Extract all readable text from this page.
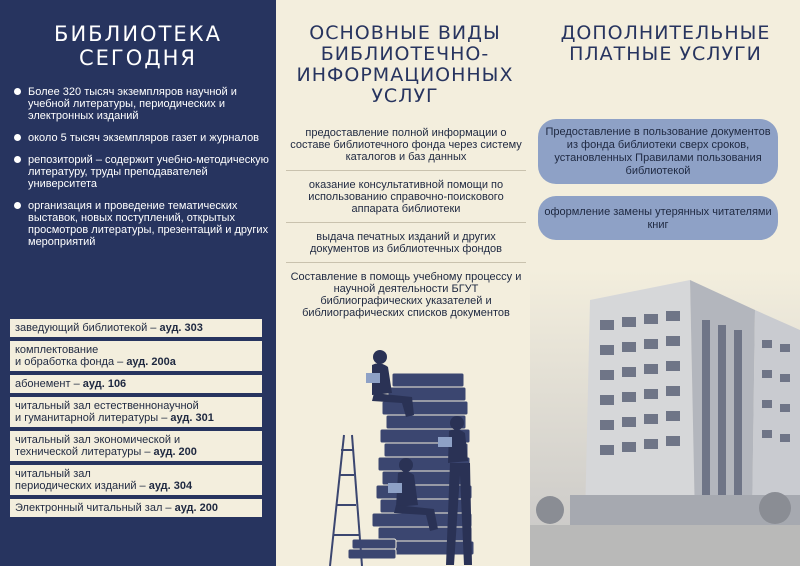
БИБЛИОТЕКА
СЕГОДНЯ
Более 320 тысяч экземпляров научной и учебной литературы, периодических и электронных изданий
около 5 тысяч экземпляров газет и журналов
репозиторий – содержит учебно-методическую литературу, труды преподавателей университета
организация и проведение тематических выставок, новых поступлений, открытых просмотров литературы, презентаций и других мероприятий
заведующий библиотекой – ауд. 303
комплектование
и обработка фонда – ауд. 200а
абонемент – ауд. 106
читальный зал естественнонаучной
и гуманитарной литературы – ауд. 301
читальный зал экономической и
технической литературы – ауд. 200
читальный зал
периодических изданий – ауд. 304
Электронный читальный зал – ауд. 200
ОСНОВНЫЕ ВИДЫ
БИБЛИОТЕЧНО-
ИНФОРМАЦИОННЫХ
УСЛУГ
предоставление полной информации о составе библиотечного фонда через систему каталогов и баз данных
оказание консультативной помощи по использованию справочно-поискового аппарата библиотеки
выдача печатных изданий и других документов из библиотечных фондов
Составление в помощь учебному процессу и научной деятельности БГУТ библиографических указателей и библиографических списков документов
ДОПОЛНИТЕЛЬНЫЕ
ПЛАТНЫЕ УСЛУГИ
Предоставление в пользование документов из фонда библиотеки сверх сроков, установленных Правилами пользования библиотекой
оформление замены утерянных читателями книг
